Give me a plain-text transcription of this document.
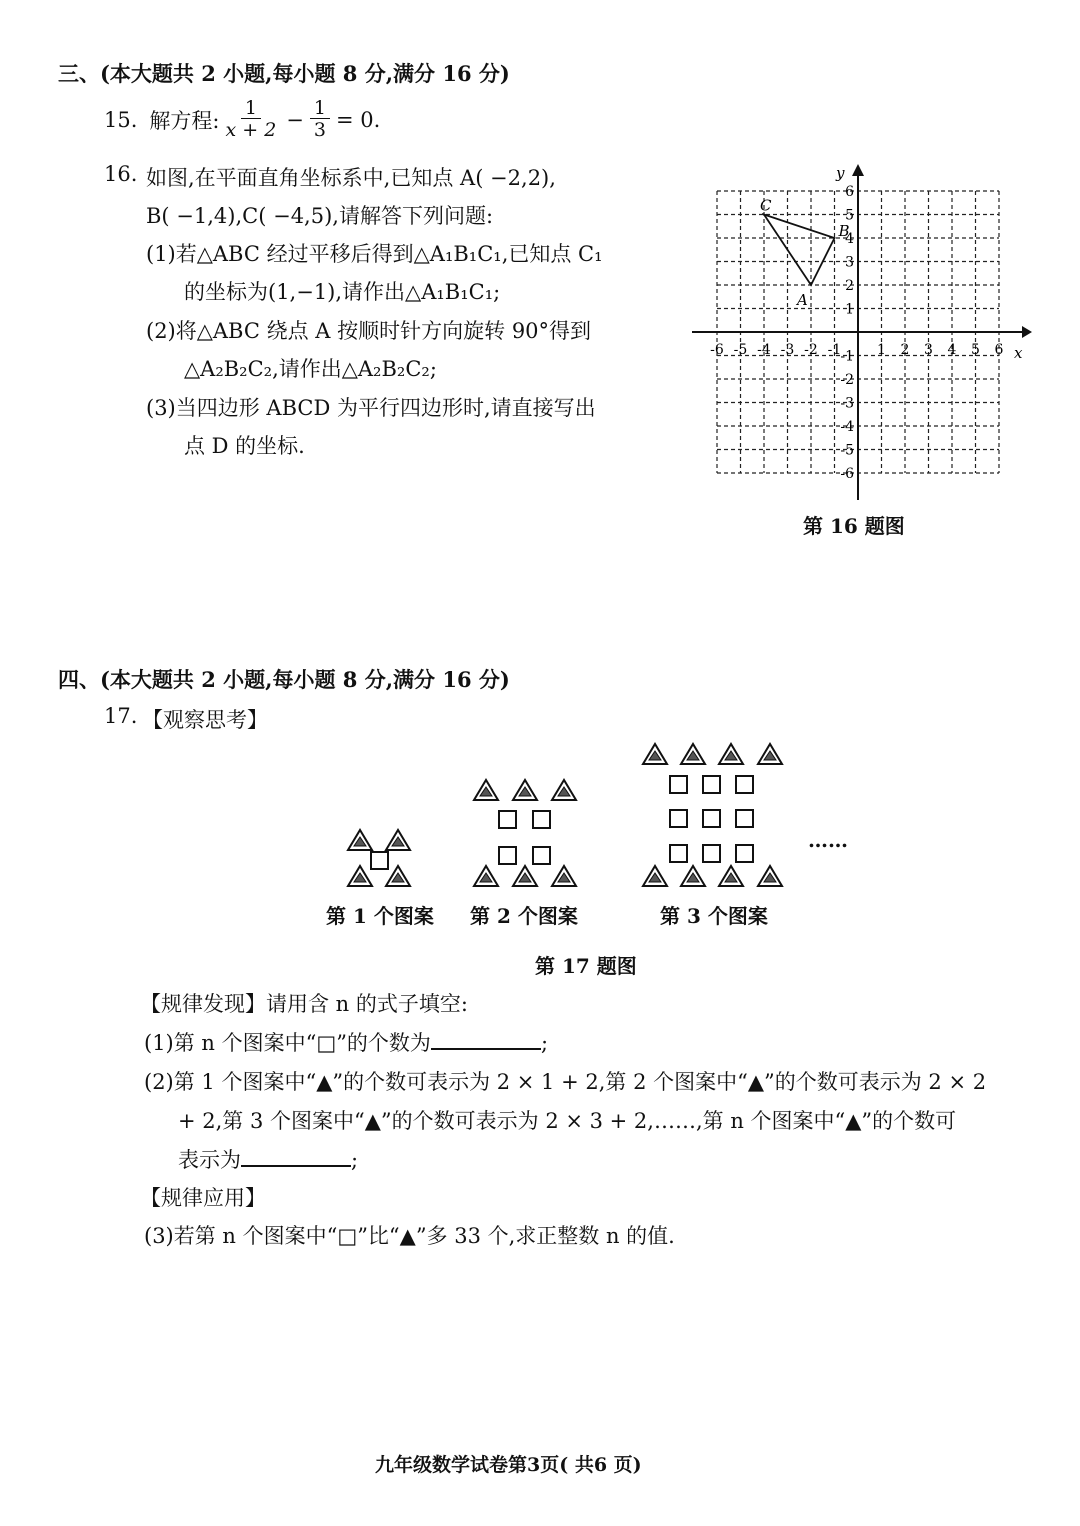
三、(本大题共 2 小题,每小题 8 分,满分 16 分)
15. 解方程: $\frac{1}{x + 2} - \frac{1}{3} = 0$.
16. 如图,在平面直角坐标系中,已知点 A( −2,2),
B( −1,4),C( −4,5),请解答下列问题:
(1)若△ABC 经过平移后得到△A₁B₁C₁,已知点 C₁
的坐标为(1,−1),请作出△A₁B₁C₁;
(2)将△ABC 绕点 A 按顺时针方向旋转 90°得到
△A₂B₂C₂,请作出△A₂B₂C₂;
(3)当四边形 ABCD 为平行四边形时,请直接写出
点 D 的坐标.
x
y
-6 -5 -4 -3 -2 -1	1 2 3 4 5 6
6
5
4
3
2
1
-1
-2
-3
-4
-5
-6
A
B
C
第 16 题图
四、(本大题共 2 小题,每小题 8 分,满分 16 分)
17. 【观察思考】
……
第 1 个图案 第 2 个图案	第 3 个图案
第 17 题图
【规律发现】请用含 n 的式子填空:
(1)第 n 个图案中“□”的个数为	;
(2)第 1 个图案中“▲”的个数可表示为 2 × 1 + 2,第 2 个图案中“▲”的个数可表示为 2 × 2
+ 2,第 3 个图案中“▲”的个数可表示为 2 × 3 + 2,……,第 n 个图案中“▲”的个数可
表示为	;
【规律应用】
(3)若第 n 个图案中“□”比“▲”多 33 个,求正整数 n 的值.
九年级数学试卷第3页( 共6 页)
